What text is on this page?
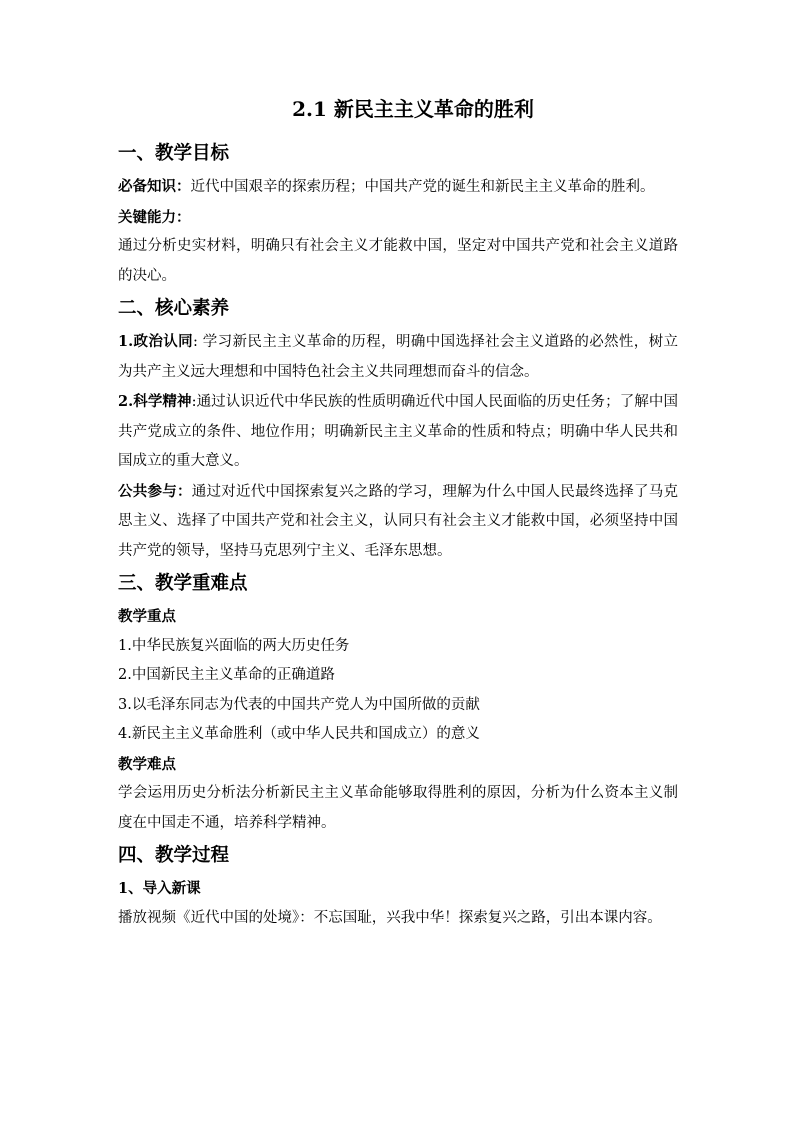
2.1 新民主主义革命的胜利
一、教学目标

必备知识：近代中国艰辛的探索历程；中国共产党的诞生和新民主主义革命的胜利。

关键能力：

通过分析史实材料，明确只有社会主义才能救中国，坚定对中国共产党和社会主义道路的决心。

二、核心素养

1.政治认同: 学习新民主主义革命的历程，明确中国选择社会主义道路的必然性，树立为共产主义远大理想和中国特色社会主义共同理想而奋斗的信念。

2.科学精神:通过认识近代中华民族的性质明确近代中国人民面临的历史任务；了解中国共产党成立的条件、地位作用；明确新民主主义革命的性质和特点；明确中华人民共和国成立的重大意义。

公共参与：通过对近代中国探索复兴之路的学习，理解为什么中国人民最终选择了马克思主义、选择了中国共产党和社会主义，认同只有社会主义才能救中国，必须坚持中国共产党的领导，坚持马克思列宁主义、毛泽东思想。

三、教学重难点

教学重点

1.中华民族复兴面临的两大历史任务

2.中国新民主主义革命的正确道路

3.以毛泽东同志为代表的中国共产党人为中国所做的贡献

4.新民主主义革命胜利（或中华人民共和国成立）的意义

教学难点

学会运用历史分析法分析新民主主义革命能够取得胜利的原因，分析为什么资本主义制度在中国走不通，培养科学精神。

四、教学过程

1、导入新课

播放视频《近代中国的处境》：不忘国耻，兴我中华！探索复兴之路，引出本课内容。
